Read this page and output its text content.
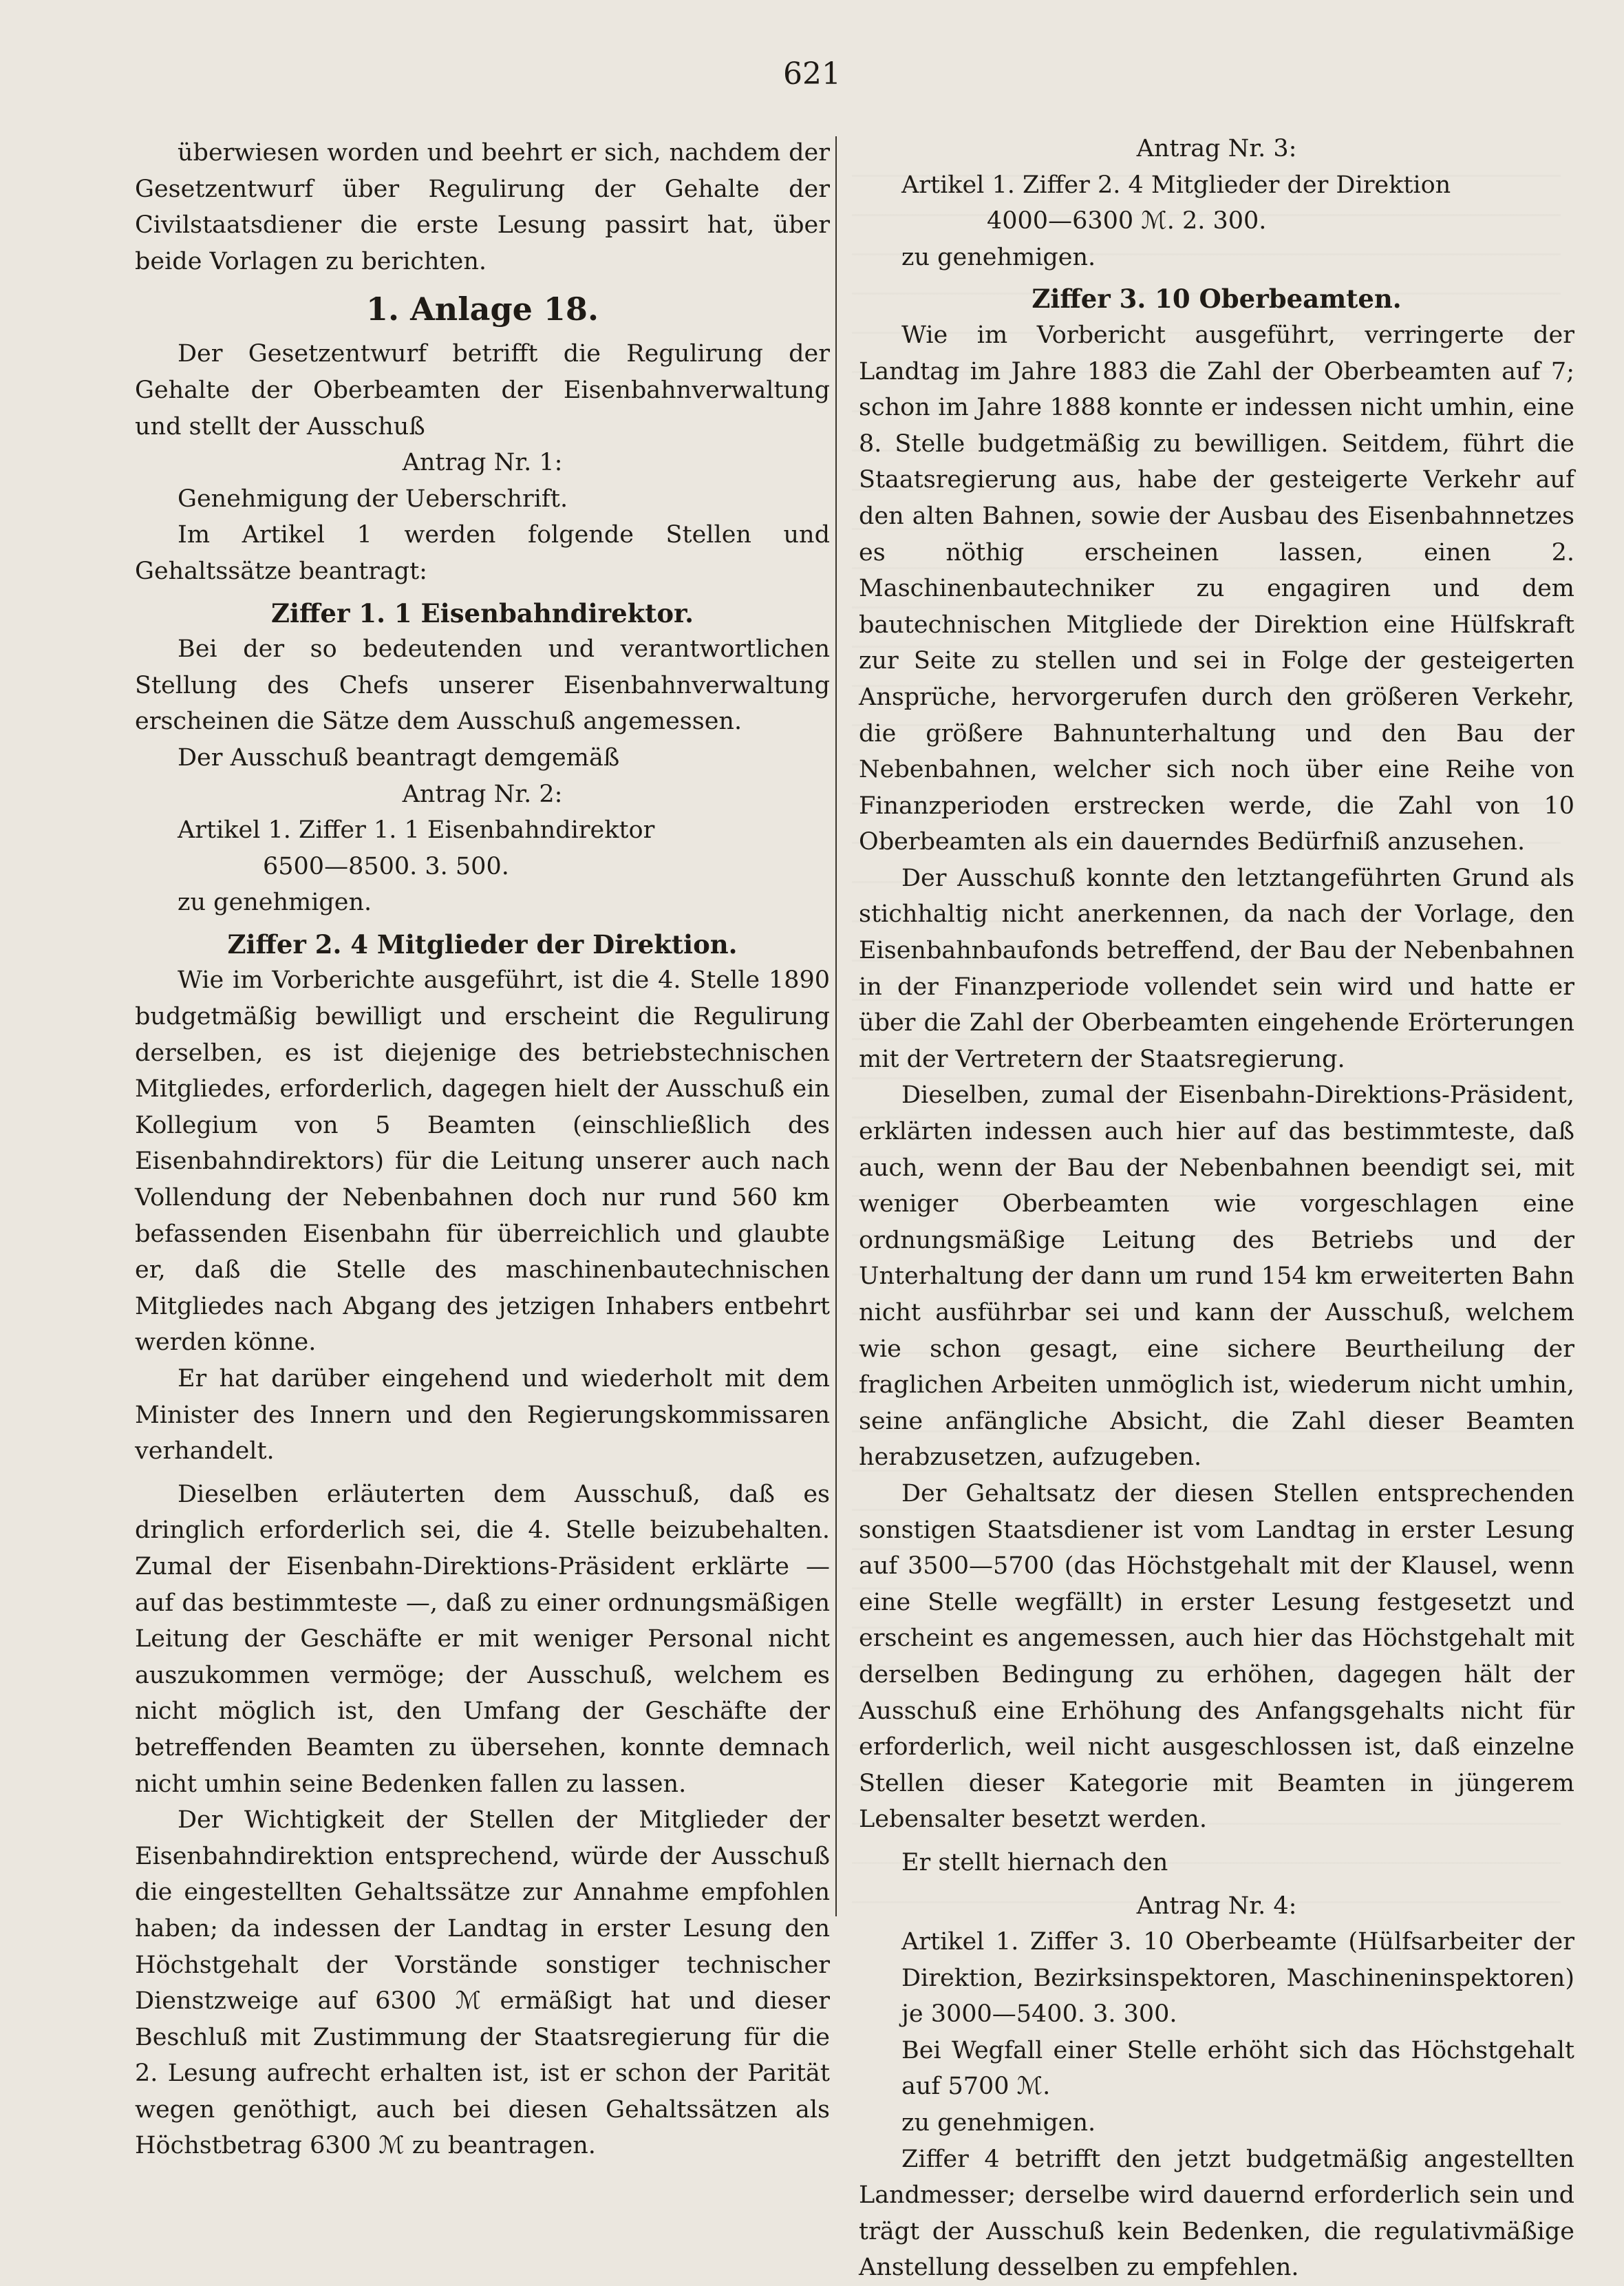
621

überwiesen worden und beehrt er sich, nachdem der Gesetzentwurf über Regulirung der Gehalte der Civilstaatsdiener die erste Lesung passirt hat, über beide Vorlagen zu berichten.

1. Anlage 18.

Der Gesetzentwurf betrifft die Regulirung der Gehalte der Oberbeamten der Eisenbahnverwaltung und stellt der Ausschuß

Antrag Nr. 1:

Genehmigung der Ueberschrift.

Im Artikel 1 werden folgende Stellen und Gehaltssätze beantragt:

Ziffer 1. 1 Eisenbahndirektor.

Bei der so bedeutenden und verantwortlichen Stellung des Chefs unserer Eisenbahnverwaltung erscheinen die Sätze dem Ausschuß angemessen.

Der Ausschuß beantragt demgemäß

Antrag Nr. 2:

Artikel 1. Ziffer 1. 1 Eisenbahndirektor

6500—8500. 3. 500.

zu genehmigen.

Ziffer 2. 4 Mitglieder der Direktion.

Wie im Vorberichte ausgeführt, ist die 4. Stelle 1890 budgetmäßig bewilligt und erscheint die Regulirung derselben, es ist diejenige des betriebstechnischen Mitgliedes, erforderlich, dagegen hielt der Ausschuß ein Kollegium von 5 Beamten (einschließlich des Eisenbahndirektors) für die Leitung unserer auch nach Vollendung der Nebenbahnen doch nur rund 560 km befassenden Eisenbahn für überreichlich und glaubte er, daß die Stelle des maschinenbautechnischen Mitgliedes nach Abgang des jetzigen Inhabers entbehrt werden könne.

Er hat darüber eingehend und wiederholt mit dem Minister des Innern und den Regierungskommissaren verhandelt.

Dieselben erläuterten dem Ausschuß, daß es dringlich erforderlich sei, die 4. Stelle beizubehalten. Zumal der Eisenbahn-Direktions-Präsident erklärte — auf das bestimmteste —, daß zu einer ordnungsmäßigen Leitung der Geschäfte er mit weniger Personal nicht auszukommen vermöge; der Ausschuß, welchem es nicht möglich ist, den Umfang der Geschäfte der betreffenden Beamten zu übersehen, konnte demnach nicht umhin seine Bedenken fallen zu lassen.

Der Wichtigkeit der Stellen der Mitglieder der Eisenbahndirektion entsprechend, würde der Ausschuß die eingestellten Gehaltssätze zur Annahme empfohlen haben; da indessen der Landtag in erster Lesung den Höchstgehalt der Vorstände sonstiger technischer Dienstzweige auf 6300 ℳ ermäßigt hat und dieser Beschluß mit Zustimmung der Staatsregierung für die 2. Lesung aufrecht erhalten ist, ist er schon der Parität wegen genöthigt, auch bei diesen Gehaltssätzen als Höchstbetrag 6300 ℳ zu beantragen.

Antrag Nr. 3:

Artikel 1. Ziffer 2. 4 Mitglieder der Direktion

4000—6300 ℳ. 2. 300.

zu genehmigen.

Ziffer 3. 10 Oberbeamten.

Wie im Vorbericht ausgeführt, verringerte der Landtag im Jahre 1883 die Zahl der Oberbeamten auf 7; schon im Jahre 1888 konnte er indessen nicht umhin, eine 8. Stelle budgetmäßig zu bewilligen. Seitdem, führt die Staatsregierung aus, habe der gesteigerte Verkehr auf den alten Bahnen, sowie der Ausbau des Eisenbahnnetzes es nöthig erscheinen lassen, einen 2. Maschinenbautechniker zu engagiren und dem bautechnischen Mitgliede der Direktion eine Hülfskraft zur Seite zu stellen und sei in Folge der gesteigerten Ansprüche, hervorgerufen durch den größeren Verkehr, die größere Bahnunterhaltung und den Bau der Nebenbahnen, welcher sich noch über eine Reihe von Finanzperioden erstrecken werde, die Zahl von 10 Oberbeamten als ein dauerndes Bedürfniß anzusehen.

Der Ausschuß konnte den letztangeführten Grund als stichhaltig nicht anerkennen, da nach der Vorlage, den Eisenbahnbaufonds betreffend, der Bau der Nebenbahnen in der Finanzperiode vollendet sein wird und hatte er über die Zahl der Oberbeamten eingehende Erörterungen mit der Vertretern der Staatsregierung.

Dieselben, zumal der Eisenbahn-Direktions-Präsident, erklärten indessen auch hier auf das bestimmteste, daß auch, wenn der Bau der Nebenbahnen beendigt sei, mit weniger Oberbeamten wie vorgeschlagen eine ordnungsmäßige Leitung des Betriebs und der Unterhaltung der dann um rund 154 km erweiterten Bahn nicht ausführbar sei und kann der Ausschuß, welchem wie schon gesagt, eine sichere Beurtheilung der fraglichen Arbeiten unmöglich ist, wiederum nicht umhin, seine anfängliche Absicht, die Zahl dieser Beamten herabzusetzen, aufzugeben.

Der Gehaltsatz der diesen Stellen entsprechenden sonstigen Staatsdiener ist vom Landtag in erster Lesung auf 3500—5700 (das Höchstgehalt mit der Klausel, wenn eine Stelle wegfällt) in erster Lesung festgesetzt und erscheint es angemessen, auch hier das Höchstgehalt mit derselben Bedingung zu erhöhen, dagegen hält der Ausschuß eine Erhöhung des Anfangsgehalts nicht für erforderlich, weil nicht ausgeschlossen ist, daß einzelne Stellen dieser Kategorie mit Beamten in jüngerem Lebensalter besetzt werden.

Er stellt hiernach den

Antrag Nr. 4:

Artikel 1. Ziffer 3. 10 Oberbeamte (Hülfsarbeiter der Direktion, Bezirksinspektoren, Maschineninspektoren) je 3000—5400. 3. 300.

Bei Wegfall einer Stelle erhöht sich das Höchstgehalt auf 5700 ℳ.

zu genehmigen.

Ziffer 4 betrifft den jetzt budgetmäßig angestellten Landmesser; derselbe wird dauernd erforderlich sein und trägt der Ausschuß kein Bedenken, die regulativmäßige Anstellung desselben zu empfehlen.
